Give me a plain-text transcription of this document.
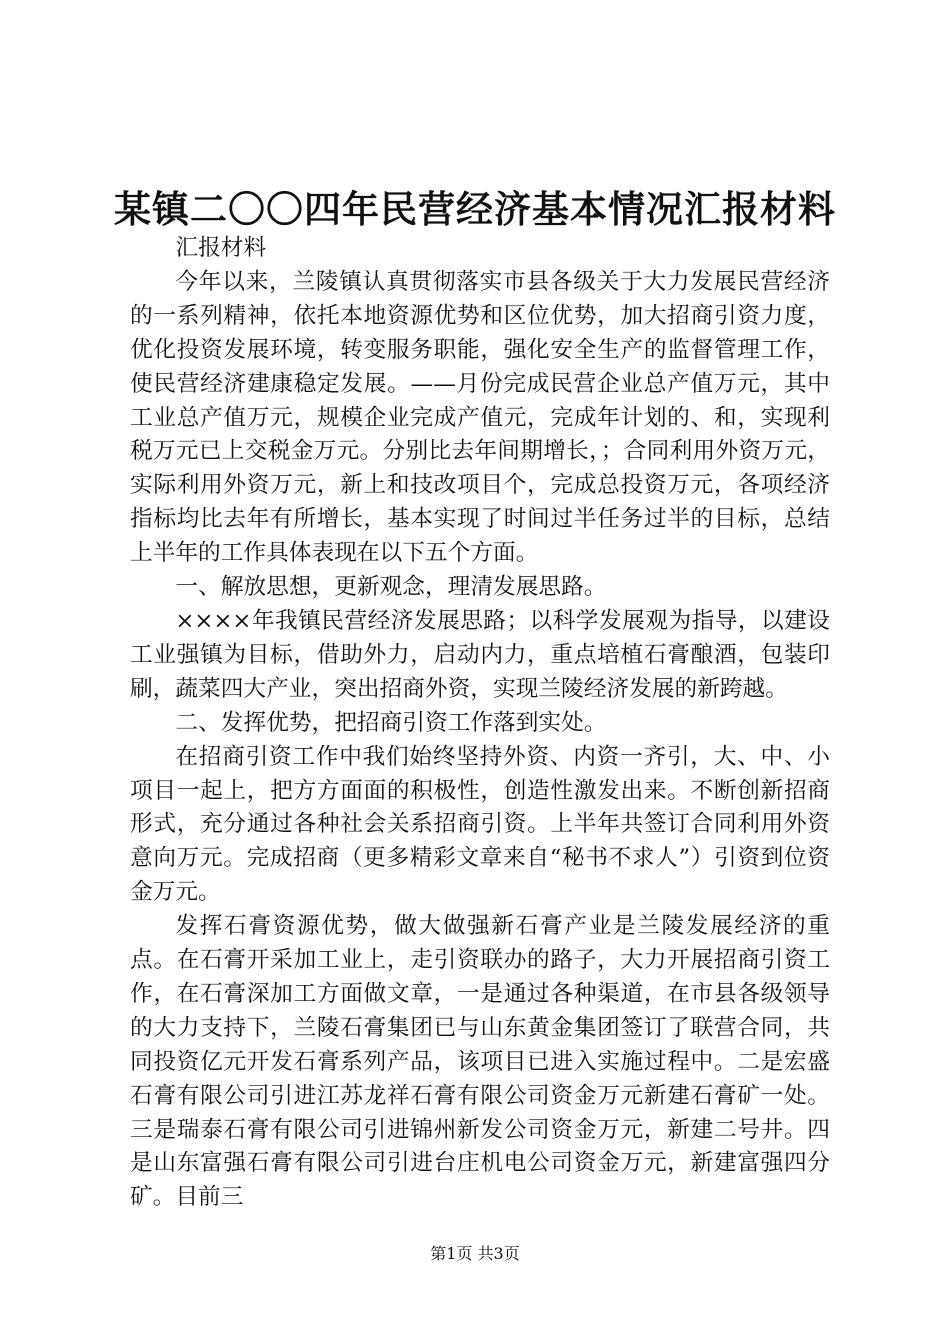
某镇二〇〇四年民营经济基本情况汇报材料

汇报材料

今年以来，兰陵镇认真贯彻落实市县各级关于大力发展民营经济的一系列精神，依托本地资源优势和区位优势，加大招商引资力度，优化投资发展环境，转变服务职能，强化安全生产的监督管理工作，使民营经济建康稳定发展。——月份完成民营企业总产值万元，其中工业总产值万元，规模企业完成产值元，完成年计划的、和，实现利税万元已上交税金万元。分别比去年间期增长，；合同利用外资万元，实际利用外资万元，新上和技改项目个，完成总投资万元，各项经济指标均比去年有所增长，基本实现了时间过半任务过半的目标，总结上半年的工作具体表现在以下五个方面。

一、解放思想，更新观念，理清发展思路。

××××年我镇民营经济发展思路；以科学发展观为指导，以建设工业强镇为目标，借助外力，启动内力，重点培植石膏酿酒，包装印刷，蔬菜四大产业，突出招商外资，实现兰陵经济发展的新跨越。

二、发挥优势，把招商引资工作落到实处。

在招商引资工作中我们始终坚持外资、内资一齐引，大、中、小项目一起上，把方方面面的积极性，创造性激发出来。不断创新招商形式，充分通过各种社会关系招商引资。上半年共签订合同利用外资意向万元。完成招商（更多精彩文章来自“秘书不求人”）引资到位资金万元。

发挥石膏资源优势，做大做强新石膏产业是兰陵发展经济的重点。在石膏开采加工业上，走引资联办的路子，大力开展招商引资工作，在石膏深加工方面做文章，一是通过各种渠道，在市县各级领导的大力支持下，兰陵石膏集团已与山东黄金集团签订了联营合同，共同投资亿元开发石膏系列产品，该项目已进入实施过程中。二是宏盛石膏有限公司引进江苏龙祥石膏有限公司资金万元新建石膏矿一处。三是瑞泰石膏有限公司引进锦州新发公司资金万元，新建二号井。四是山东富强石膏有限公司引进台庄机电公司资金万元，新建富强四分矿。目前三

第1页 共3页
